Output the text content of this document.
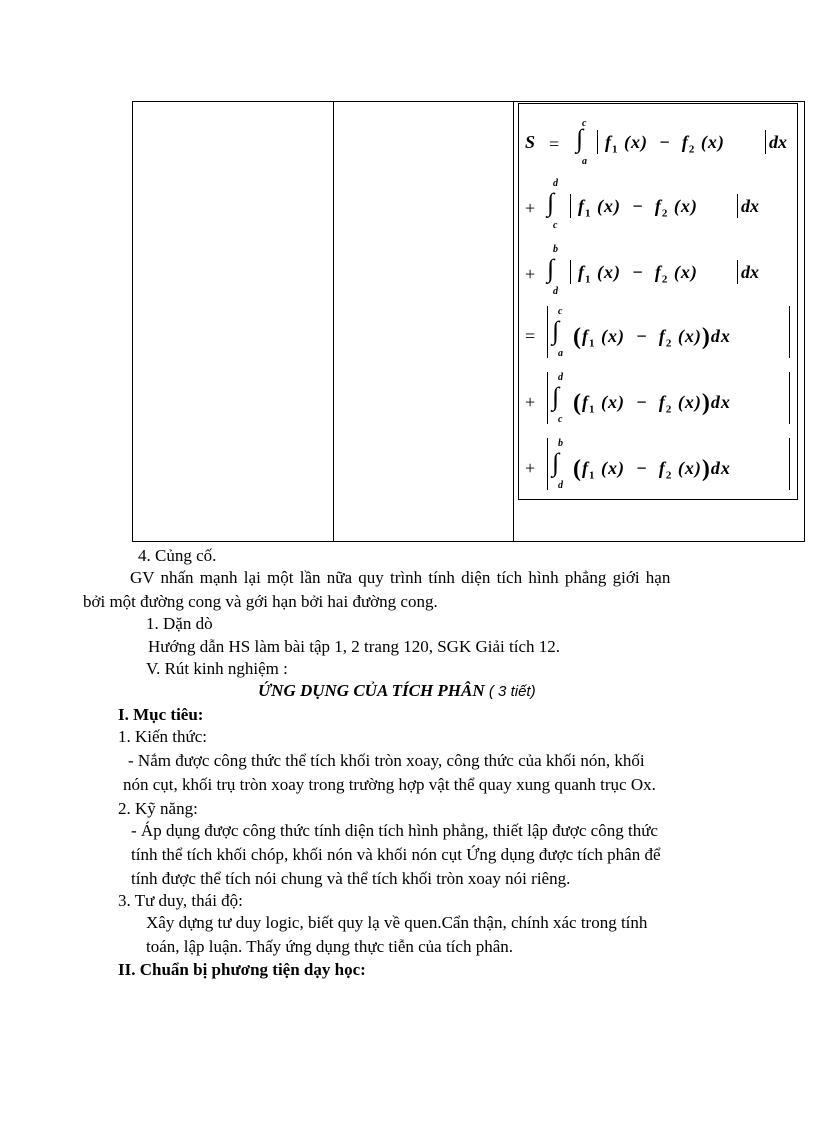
S =
c
∫
a
$f_1$ $(x) - f_2$ (x) dx
+
d
∫
c
$f_1$ $(x) - f_2$ (x) dx
+
b
∫
d
$f_1$ $(x) - f_2$ (x) dx
=
c
∫
a
($f_1$ $(x) - f_2$ (x))dx
+
d
∫
c
($f_1$ $(x) - f_2$ (x))dx
+
b
∫
d
($f_1$ $(x) - f_2$ (x))dx
4. Củng cố.
GV nhấn mạnh lại một lần nữa quy trình tính diện tích hình phẳng giới hạn
bởi một đường cong và gới hạn bởi hai đường cong.
1. Dặn dò
Hướng dẫn HS làm bài tập 1, 2 trang 120, SGK Giải tích 12.
V. Rút kinh nghiệm :
ỨNG DỤNG CỦA TÍCH PHÂN ( 3 tiết)
I. Mục tiêu:
1. Kiến thức:
- Nắm được công thức thể tích khối tròn xoay, công thức của khối nón, khối
nón cụt, khối trụ tròn xoay trong trường hợp vật thể quay xung quanh trục Ox.
2. Kỹ năng:
- Áp dụng được công thức tính diện tích hình phẳng, thiết lập được công thức
tính thể tích khối chóp, khối nón và khối nón cụt Ứng dụng được tích phân để
tính được thể tích nói chung và thể tích khối tròn xoay nói riêng.
3. Tư duy, thái độ:
Xây dựng tư duy logic, biết quy lạ về quen.Cẩn thận, chính xác trong tính
toán, lập luận. Thấy ứng dụng thực tiễn của tích phân.
II. Chuẩn bị phương tiện dạy học:
